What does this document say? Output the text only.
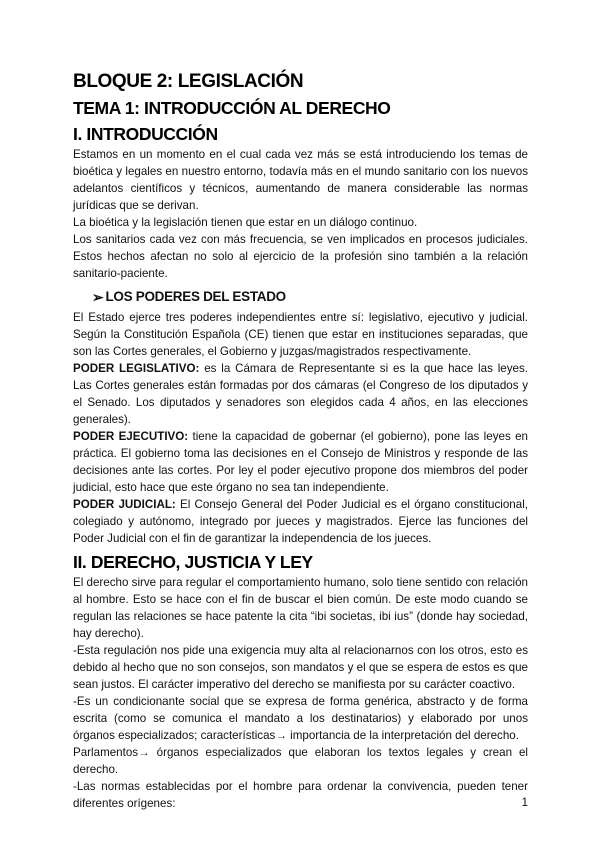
BLOQUE 2: LEGISLACIÓN
TEMA 1: INTRODUCCIÓN AL DERECHO
I. INTRODUCCIÓN

Estamos en un momento en el cual cada vez más se está introduciendo los temas de bioética y legales en nuestro entorno, todavía más en el mundo sanitario con los nuevos adelantos científicos y técnicos, aumentando de manera considerable las normas jurídicas que se derivan.

La bioética y la legislación tienen que estar en un diálogo continuo.

Los sanitarios cada vez con más frecuencia, se ven implicados en procesos judiciales. Estos hechos afectan no solo al ejercicio de la profesión sino también a la relación sanitario-paciente.

➢ LOS PODERES DEL ESTADO

El Estado ejerce tres poderes independientes entre sí: legislativo, ejecutivo y judicial. Según la Constitución Española (CE) tienen que estar en instituciones separadas, que son las Cortes generales, el Gobierno y juzgas/magistrados respectivamente.

PODER LEGISLATIVO: es la Cámara de Representante si es la que hace las leyes. Las Cortes generales están formadas por dos cámaras (el Congreso de los diputados y el Senado. Los diputados y senadores son elegidos cada 4 años, en las elecciones generales).

PODER EJECUTIVO: tiene la capacidad de gobernar (el gobierno), pone las leyes en práctica. El gobierno toma las decisiones en el Consejo de Ministros y responde de las decisiones ante las cortes. Por ley el poder ejecutivo propone dos miembros del poder judicial, esto hace que este órgano no sea tan independiente.

PODER JUDICIAL: El Consejo General del Poder Judicial es el órgano constitucional, colegiado y autónomo, integrado por jueces y magistrados. Ejerce las funciones del Poder Judicial con el fin de garantizar la independencia de los jueces.

II. DERECHO, JUSTICIA Y LEY

El derecho sirve para regular el comportamiento humano, solo tiene sentido con relación al hombre. Esto se hace con el fin de buscar el bien común. De este modo cuando se regulan las relaciones se hace patente la cita “ibi societas, ibi ius” (donde hay sociedad, hay derecho).

-Esta regulación nos pide una exigencia muy alta al relacionarnos con los otros, esto es debido al hecho que no son consejos, son mandatos y el que se espera de estos es que sean justos. El carácter imperativo del derecho se manifiesta por su carácter coactivo.

-Es un condicionante social que se expresa de forma genérica, abstracto y de forma escrita (como se comunica el mandato a los destinatarios) y elaborado por unos órganos especializados; características→ importancia de la interpretación del derecho.

Parlamentos→ órganos especializados que elaboran los textos legales y crean el derecho.

-Las normas establecidas por el hombre para ordenar la convivencia, pueden tener diferentes orígenes:	1
